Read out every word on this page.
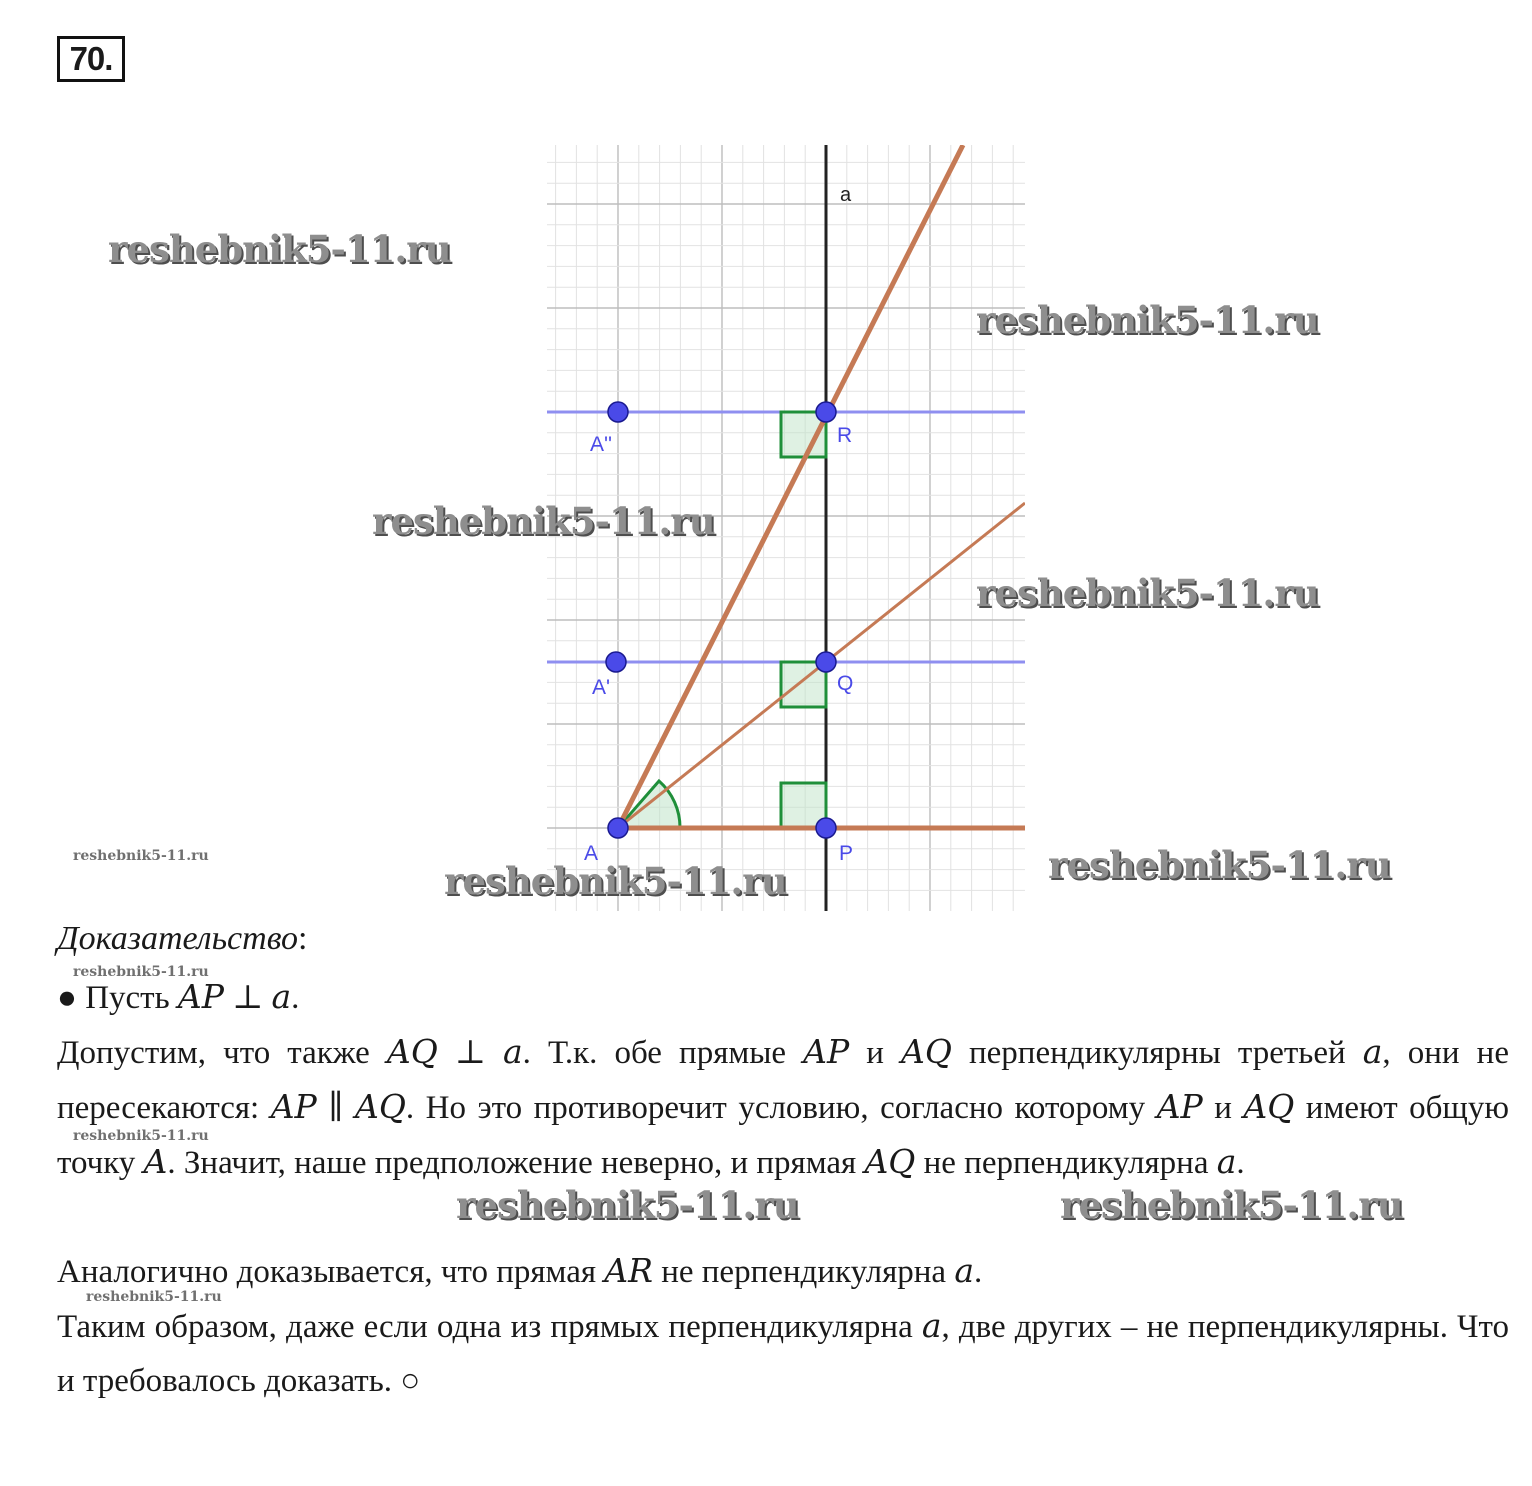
70.
A	P
Q
R
A'
A''
a
reshebnik5-11.ru
reshebnik5-11.ru
reshebnik5-11.ru
reshebnik5-11.ru
reshebnik5-11.ru	reshebnik5-11.ru
reshebnik5-11.ru	reshebnik5-11.ru
reshebnik5-11.ru
reshebnik5-11.ru
reshebnik5-11.ru
reshebnik5-11.ru
Доказательство:
● Пусть AP ⊥ a.
Допустим, что также AQ ⊥ a. Т.к. обе прямые AP и AQ перпендикулярны третьей a, они не пересекаются: AP ∥ AQ. Но это противоречит условию, согласно которому AP и AQ имеют общую точку A. Значит, наше предположение неверно, и прямая AQ не перпендикулярна a.
Аналогично доказывается, что прямая AR не перпендикулярна a.
Таким образом, даже если одна из прямых перпендикулярна a, две других – не перпендикулярны. Что и требовалось доказать. ○
